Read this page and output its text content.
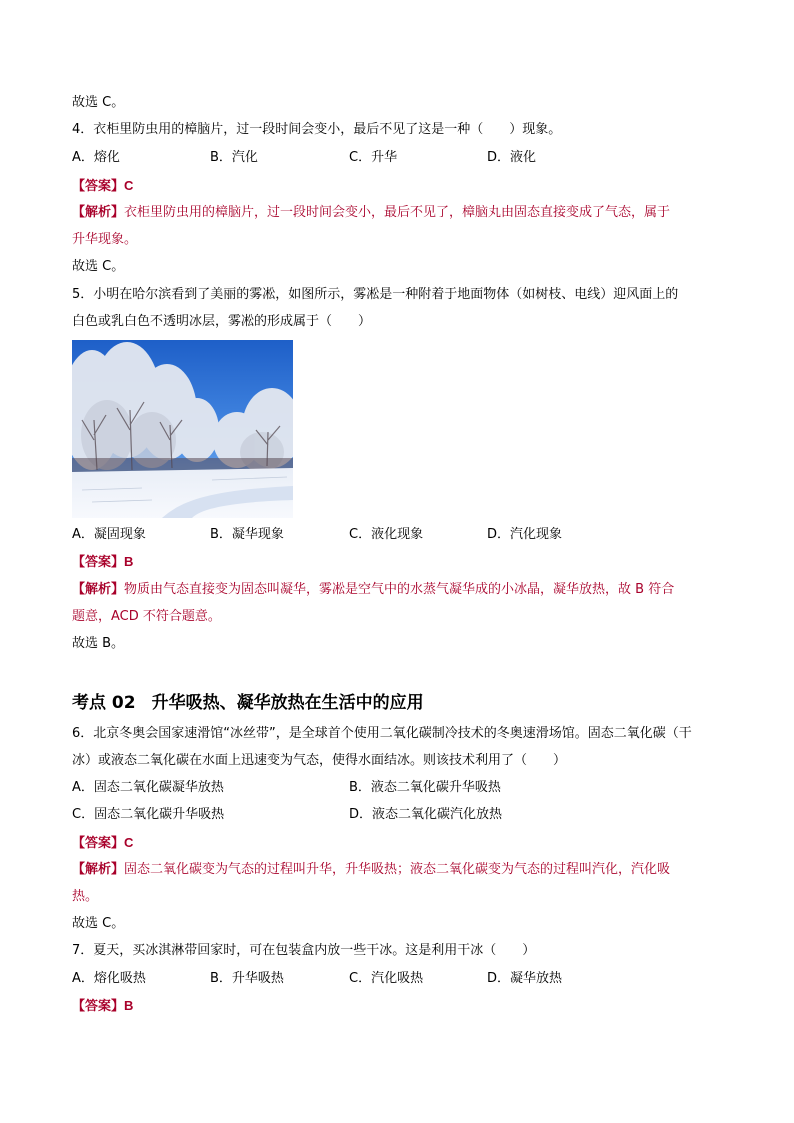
故选 C。
4．衣柜里防虫用的樟脑片，过一段时间会变小，最后不见了这是一种（　　）现象。
A．熔化	B．汽化	C．升华	D．液化
【答案】C
【解析】衣柜里防虫用的樟脑片，过一段时间会变小，最后不见了，樟脑丸由固态直接变成了气态，属于
升华现象。
故选 C。
5．小明在哈尔滨看到了美丽的雾凇，如图所示，雾凇是一种附着于地面物体（如树枝、电线）迎风面上的
白色或乳白色不透明冰层，雾凇的形成属于（　　）
A．凝固现象	B．凝华现象	C．液化现象	D．汽化现象
【答案】B
【解析】物质由气态直接变为固态叫凝华，雾凇是空气中的水蒸气凝华成的小冰晶，凝华放热，故 B 符合
题意，ACD 不符合题意。
故选 B。
考点 02 升华吸热、凝华放热在生活中的应用
6．北京冬奥会国家速滑馆“冰丝带”，是全球首个使用二氧化碳制冷技术的冬奥速滑场馆。固态二氧化碳（干
冰）或液态二氧化碳在水面上迅速变为气态，使得水面结冰。则该技术利用了（　　）
A．固态二氧化碳凝华放热	B．液态二氧化碳升华吸热
C．固态二氧化碳升华吸热	D．液态二氧化碳汽化放热
【答案】C
【解析】固态二氧化碳变为气态的过程叫升华，升华吸热；液态二氧化碳变为气态的过程叫汽化，汽化吸
热。
故选 C。
7．夏天，买冰淇淋带回家时，可在包装盒内放一些干冰。这是利用干冰（　　）
A．熔化吸热	B．升华吸热	C．汽化吸热	D．凝华放热
【答案】B
